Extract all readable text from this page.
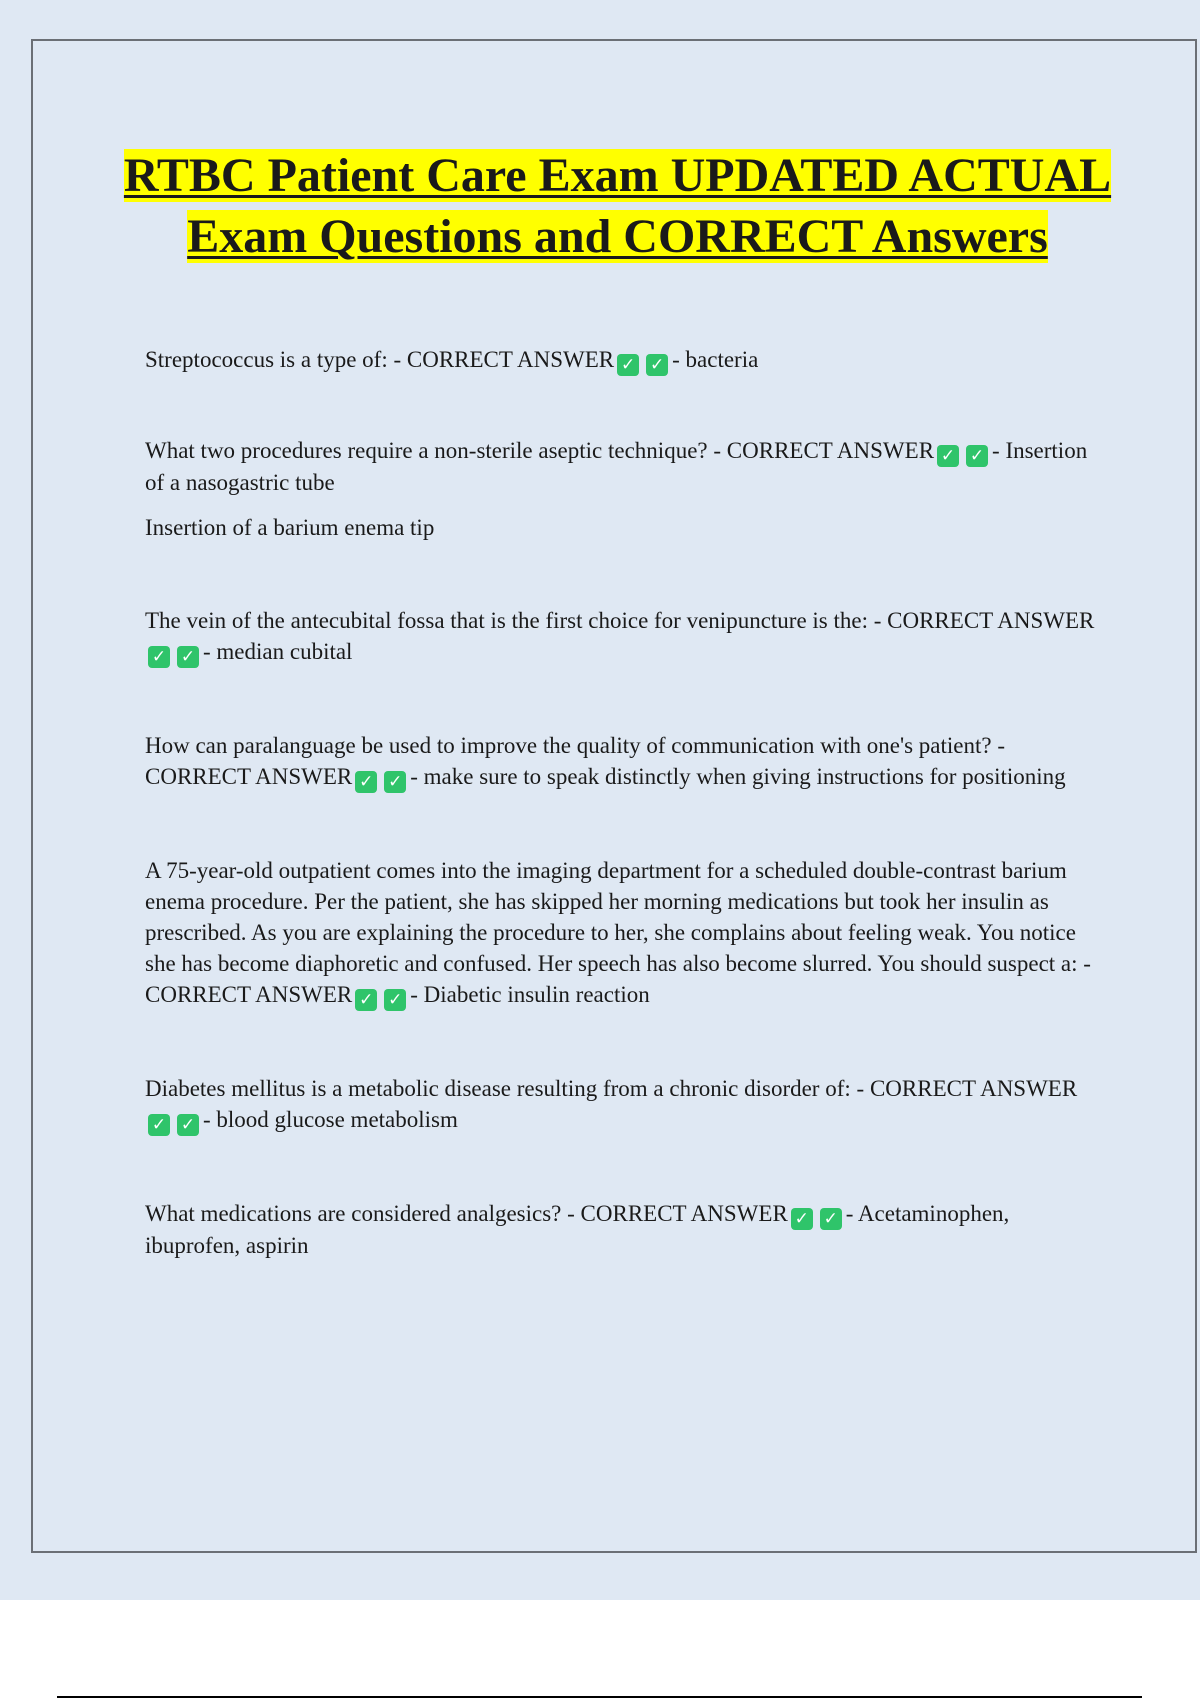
RTBC Patient Care Exam UPDATED ACTUAL Exam Questions and CORRECT Answers

Streptococcus is a type of: - CORRECT ANSWER ✓ ✓ - bacteria

What two procedures require a non-sterile aseptic technique? - CORRECT ANSWER ✓ ✓ - Insertion of a nasogastric tube

Insertion of a barium enema tip

The vein of the antecubital fossa that is the first choice for venipuncture is the: - CORRECT ANSWER✓ ✓ - median cubital

How can paralanguage be used to improve the quality of communication with one's patient? - CORRECT ANSWER ✓ ✓ - make sure to speak distinctly when giving instructions for positioning

A 75-year-old outpatient comes into the imaging department for a scheduled double-contrast barium enema procedure. Per the patient, she has skipped her morning medications but took her insulin as prescribed. As you are explaining the procedure to her, she complains about feeling weak. You notice she has become diaphoretic and confused. Her speech has also become slurred. You should suspect a: - CORRECT ANSWER ✓ ✓ - Diabetic insulin reaction

Diabetes mellitus is a metabolic disease resulting from a chronic disorder of: - CORRECT ANSWER✓ ✓ - blood glucose metabolism

What medications are considered analgesics? - CORRECT ANSWER ✓ ✓ - Acetaminophen, ibuprofen, aspirin
